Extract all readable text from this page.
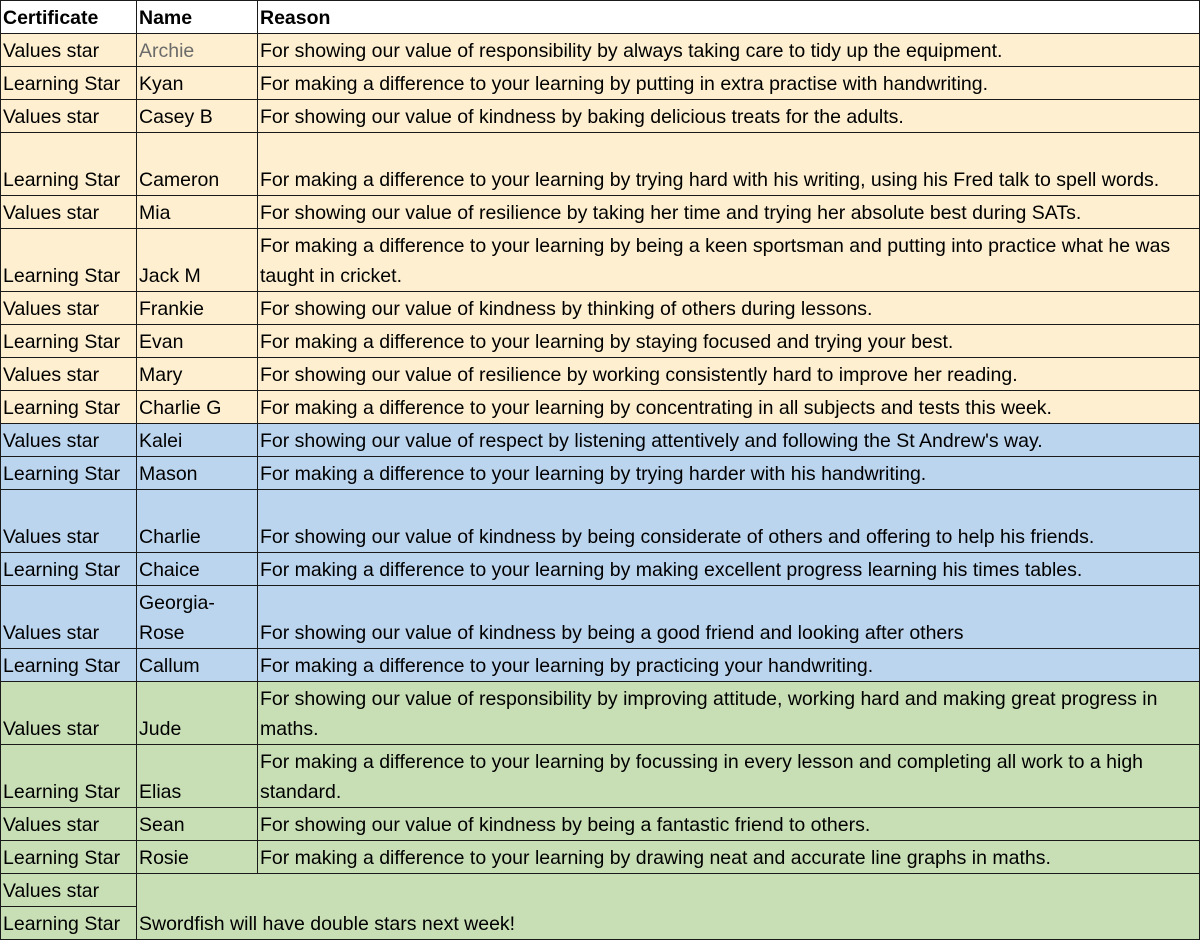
Certificate	Name	Reason
Values star	Archie	For showing our value of responsibility by always taking care to tidy up the equipment.
Learning Star	Kyan	For making a difference to your learning by putting in extra practise with handwriting.
Values star	Casey B	For showing our value of kindness by baking delicious treats for the adults.
Learning Star	Cameron	For making a difference to your learning by trying hard with his writing, using his Fred talk to spell words.
Values star	Mia	For showing our value of resilience by taking her time and trying her absolute best during SATs.
Learning Star	Jack M	For making a difference to your learning by being a keen sportsman and putting into practice what he was taught in cricket.
Values star	Frankie	For showing our value of kindness by thinking of others during lessons.
Learning Star	Evan	For making a difference to your learning by staying focused and trying your best.
Values star	Mary	For showing our value of resilience by working consistently hard to improve her reading.
Learning Star	Charlie G	For making a difference to your learning by concentrating in all subjects and tests this week.
Values star	Kalei	For showing our value of respect by listening attentively and following the St Andrew's way.
Learning Star	Mason	For making a difference to your learning by trying harder with his handwriting.
Values star	Charlie	For showing our value of kindness by being considerate of others and offering to help his friends.
Learning Star	Chaice	For making a difference to your learning by making excellent progress learning his times tables.
Values star	Georgia-Rose	For showing our value of kindness by being a good friend and looking after others
Learning Star	Callum	For making a difference to your learning by practicing your handwriting.
Values star	Jude	For showing our value of responsibility by improving attitude, working hard and making great progress in maths.
Learning Star	Elias	For making a difference to your learning by focussing in every lesson and completing all work to a high standard.
Values star	Sean	For showing our value of kindness by being a fantastic friend to others.
Learning Star	Rosie	For making a difference to your learning by drawing neat and accurate line graphs in maths.
Values star	Swordfish will have double stars next week!	
Learning Star		
